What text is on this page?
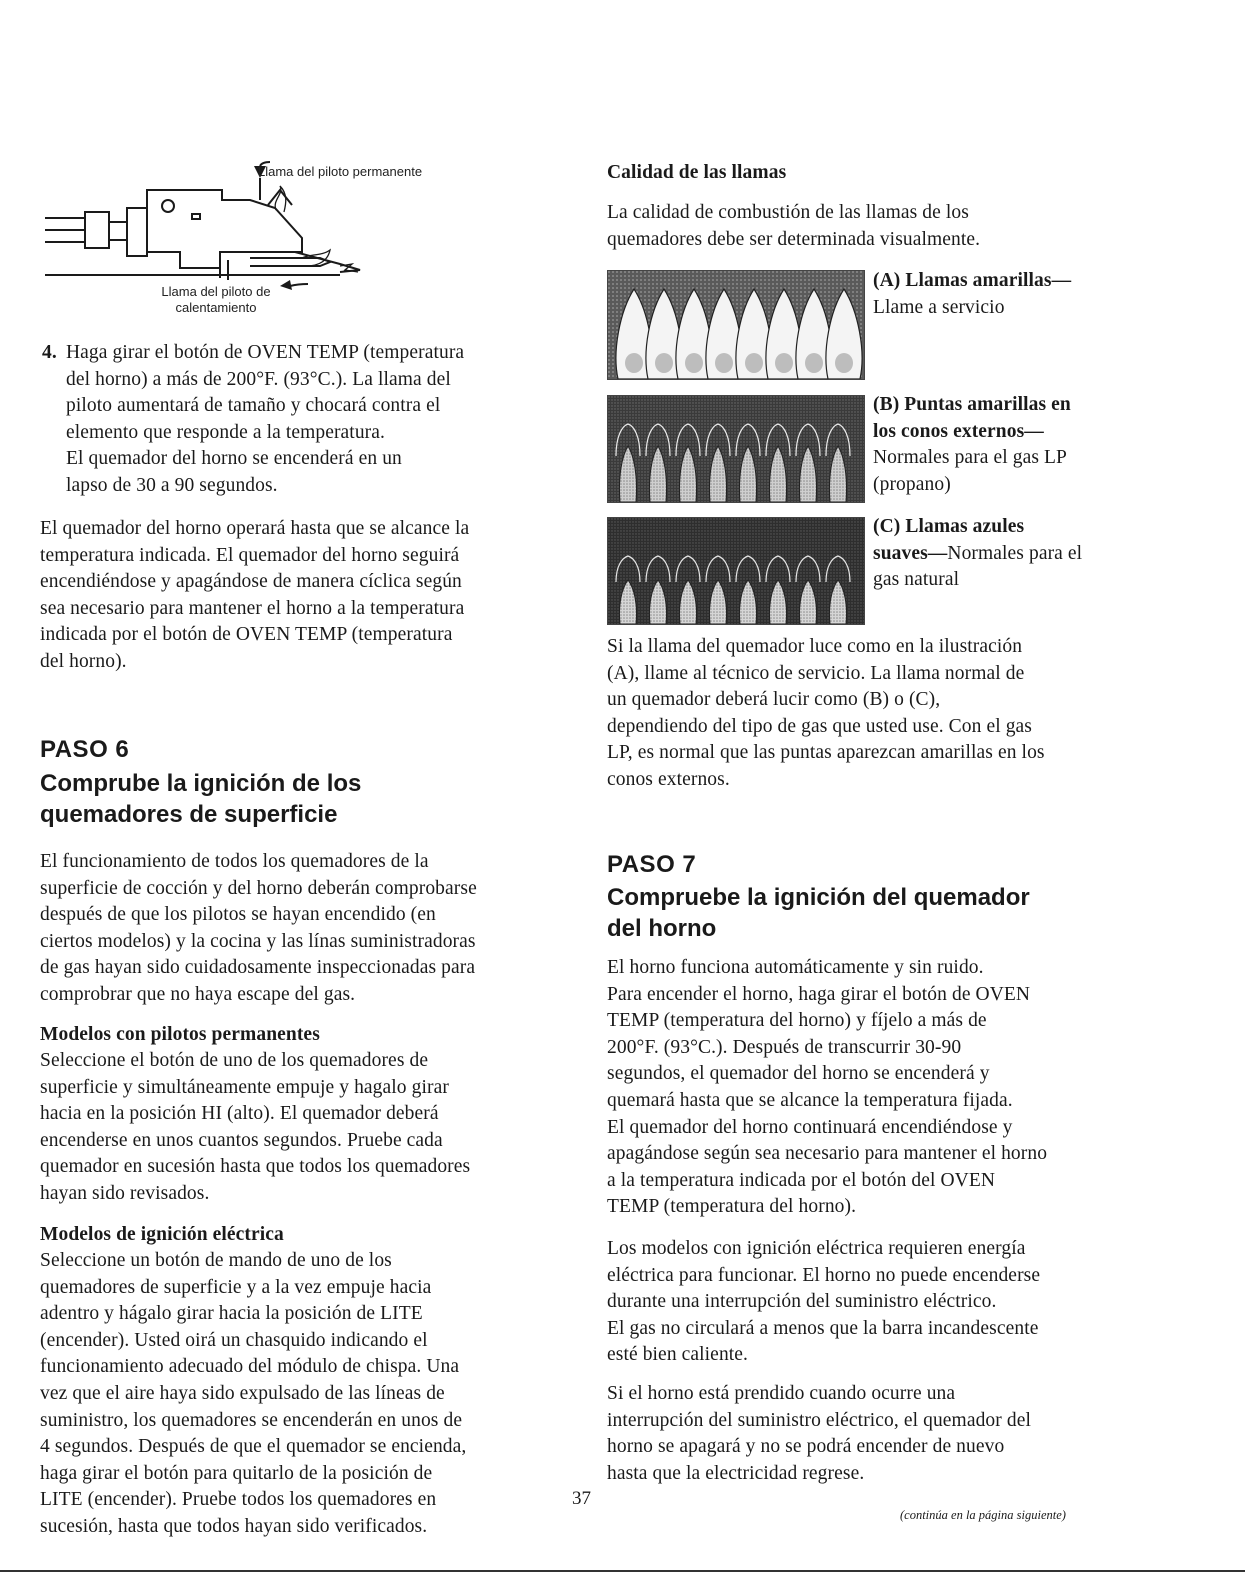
Llama del piloto permanente
Llama del piloto de
calentamiento
4. Haga girar el botón de OVEN TEMP (temperatura
del horno) a más de 200°F. (93°C.). La llama del
piloto aumentará de tamaño y chocará contra el
elemento que responde a la temperatura.
El quemador del horno se encenderá en un
lapso de 30 a 90 segundos.
El quemador del horno operará hasta que se alcance la
temperatura indicada. El quemador del horno seguirá
encendiéndose y apagándose de manera cíclica según
sea necesario para mantener el horno a la temperatura
indicada por el botón de OVEN TEMP (temperatura
del horno).
PASO 6
Comprube la ignición de los
quemadores de superficie
El funcionamiento de todos los quemadores de la
superficie de cocción y del horno deberán comprobarse
después de que los pilotos se hayan encendido (en
ciertos modelos) y la cocina y las línas suministradoras
de gas hayan sido cuidadosamente inspeccionadas para
comprobrar que no haya escape del gas.
Modelos con pilotos permanentes
Seleccione el botón de uno de los quemadores de
superficie y simultáneamente empuje y hagalo girar
hacia en la posición HI (alto). El quemador deberá
encenderse en unos cuantos segundos. Pruebe cada
quemador en sucesión hasta que todos los quemadores
hayan sido revisados.
Modelos de ignición eléctrica
Seleccione un botón de mando de uno de los
quemadores de superficie y a la vez empuje hacia
adentro y hágalo girar hacia la posición de LITE
(encender). Usted oirá un chasquido indicando el
funcionamiento adecuado del módulo de chispa. Una
vez que el aire haya sido expulsado de las líneas de
suministro, los quemadores se encenderán en unos de
4 segundos. Después de que el quemador se encienda,
haga girar el botón para quitarlo de la posición de
LITE (encender). Pruebe todos los quemadores en
sucesión, hasta que todos hayan sido verificados.
Calidad de las llamas
La calidad de combustión de las llamas de los
quemadores debe ser determinada visualmente.
(A) Llamas amarillas—
Llame a servicio
(B) Puntas amarillas en
los conos externos—
Normales para el gas LP
(propano)
(C) Llamas azules
suaves—Normales para el
gas natural
Si la llama del quemador luce como en la ilustración
(A), llame al técnico de servicio. La llama normal de
un quemador deberá lucir como (B) o (C),
dependiendo del tipo de gas que usted use. Con el gas
LP, es normal que las puntas aparezcan amarillas en los
conos externos.
PASO 7
Compruebe la ignición del quemador
del horno
El horno funciona automáticamente y sin ruido.
Para encender el horno, haga girar el botón de OVEN
TEMP (temperatura del horno) y fíjelo a más de
200°F. (93°C.). Después de transcurrir 30-90
segundos, el quemador del horno se encenderá y
quemará hasta que se alcance la temperatura fijada.
El quemador del horno continuará encendiéndose y
apagándose según sea necesario para mantener el horno
a la temperatura indicada por el botón del OVEN
TEMP (temperatura del horno).
Los modelos con ignición eléctrica requieren energía
eléctrica para funcionar. El horno no puede encenderse
durante una interrupción del suministro eléctrico.
El gas no circulará a menos que la barra incandescente
esté bien caliente.
Si el horno está prendido cuando ocurre una
interrupción del suministro eléctrico, el quemador del
horno se apagará y no se podrá encender de nuevo
hasta que la electricidad regrese.
37
(continúa en la página siguiente)
